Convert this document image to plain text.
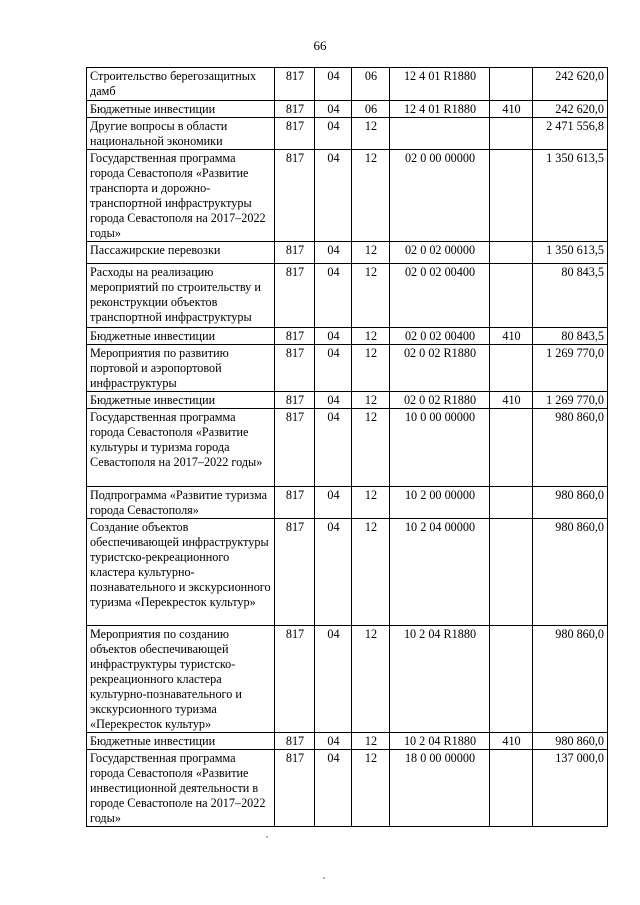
66
Строительство берегозащитных дамб	817	04	06	12 4 01 R1880		242 620,0
Бюджетные инвестиции	817	04	06	12 4 01 R1880	410	242 620,0
Другие вопросы в области национальной экономики	817	04	12			2 471 556,8
Государственная программа города Севастополя «Развитие транспорта и дорожно-транспортной инфраструктуры города Севастополя на 2017–2022 годы»	817	04	12	02 0 00 00000		1 350 613,5
Пассажирские перевозки	817	04	12	02 0 02 00000		1 350 613,5
Расходы на реализацию мероприятий по строительству и реконструкции объектов транспортной инфраструктуры	817	04	12	02 0 02 00400		80 843,5
Бюджетные инвестиции	817	04	12	02 0 02 00400	410	80 843,5
Мероприятия по развитию портовой и аэропортовой инфраструктуры	817	04	12	02 0 02 R1880		1 269 770,0
Бюджетные инвестиции	817	04	12	02 0 02 R1880	410	1 269 770,0
Государственная программа города Севастополя «Развитие культуры и туризма города Севастополя на 2017–2022 годы»	817	04	12	10 0 00 00000		980 860,0
Подпрограмма «Развитие туризма города Севастополя»	817	04	12	10 2 00 00000		980 860,0
Создание объектов обеспечивающей инфраструктуры туристско-рекреационного кластера культурно-познавательного и экскурсионного туризма «Перекресток культур»	817	04	12	10 2 04 00000		980 860,0
Мероприятия по созданию объектов обеспечивающей инфраструктуры туристско-рекреационного кластера культурно-познавательного и экскурсионного туризма «Перекресток культур»	817	04	12	10 2 04 R1880		980 860,0
Бюджетные инвестиции	817	04	12	10 2 04 R1880	410	980 860,0
Государственная программа города Севастополя «Развитие инвестиционной деятельности в городе Севастополе на 2017–2022 годы»	817	04	12	18 0 00 00000		137 000,0
